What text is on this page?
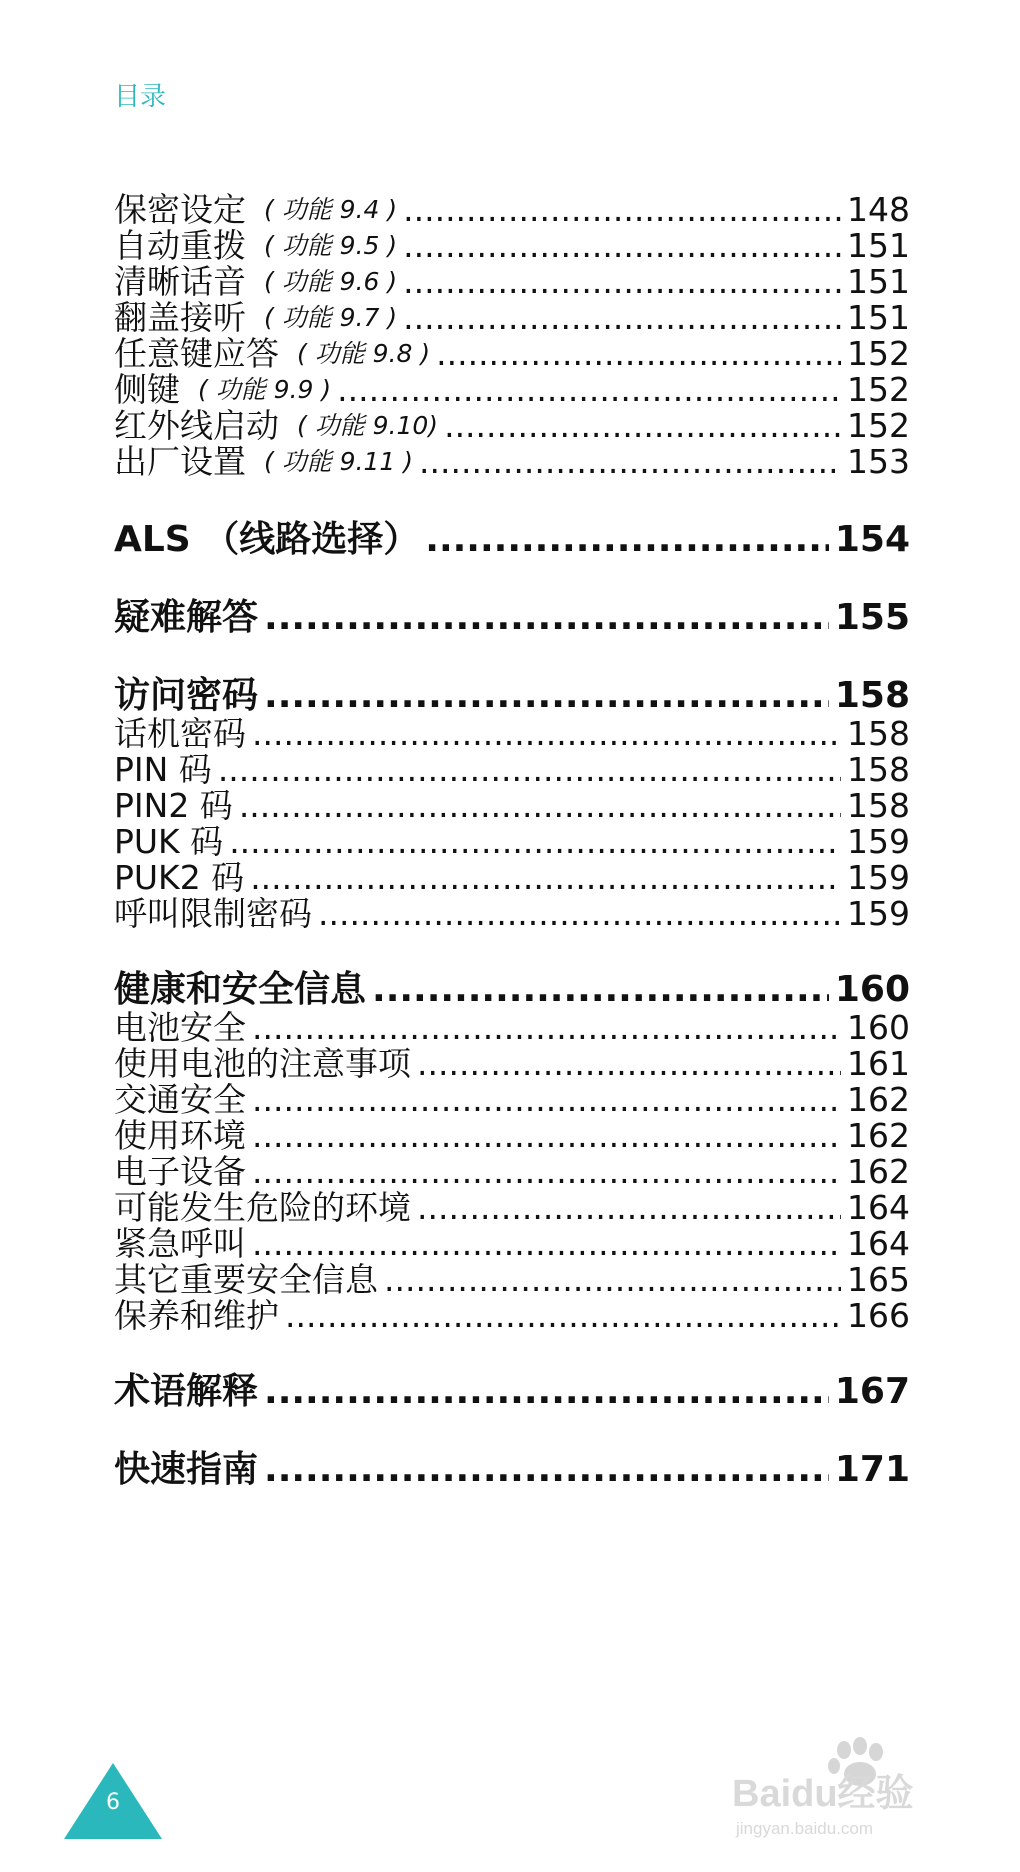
目录
保密设定 ( 功能 9.4 ) .....	148
自动重拨 ( 功能 9.5 ) .....	151
清晰话音 ( 功能 9.6 ) .....	151
翻盖接听 ( 功能 9.7 ) .....	151
任意键应答 ( 功能 9.8 ) .....	152
侧键 ( 功能 9.9 ) .....	152
红外线启动 ( 功能 9.10) .....	152
出厂设置 ( 功能 9.11 ) .....	153
ALS （线路选择） .....	154
疑难解答 .....	155
访问密码 .....	158
话机密码 .....	158
PIN 码 .....	158
PIN2 码 .....	158
PUK 码 .....	159
PUK2 码 .....	159
呼叫限制密码 .....	159
健康和安全信息 .....	160
电池安全 .....	160
使用电池的注意事项 .....	161
交通安全 .....	162
使用环境 .....	162
电子设备 .....	162
可能发生危险的环境 .....	164
紧急呼叫 .....	164
其它重要安全信息 .....	165
保养和维护 .....	166
术语解释 .....	167
快速指南 .....	171
6	Baidu经验
jingyan.baidu.com
